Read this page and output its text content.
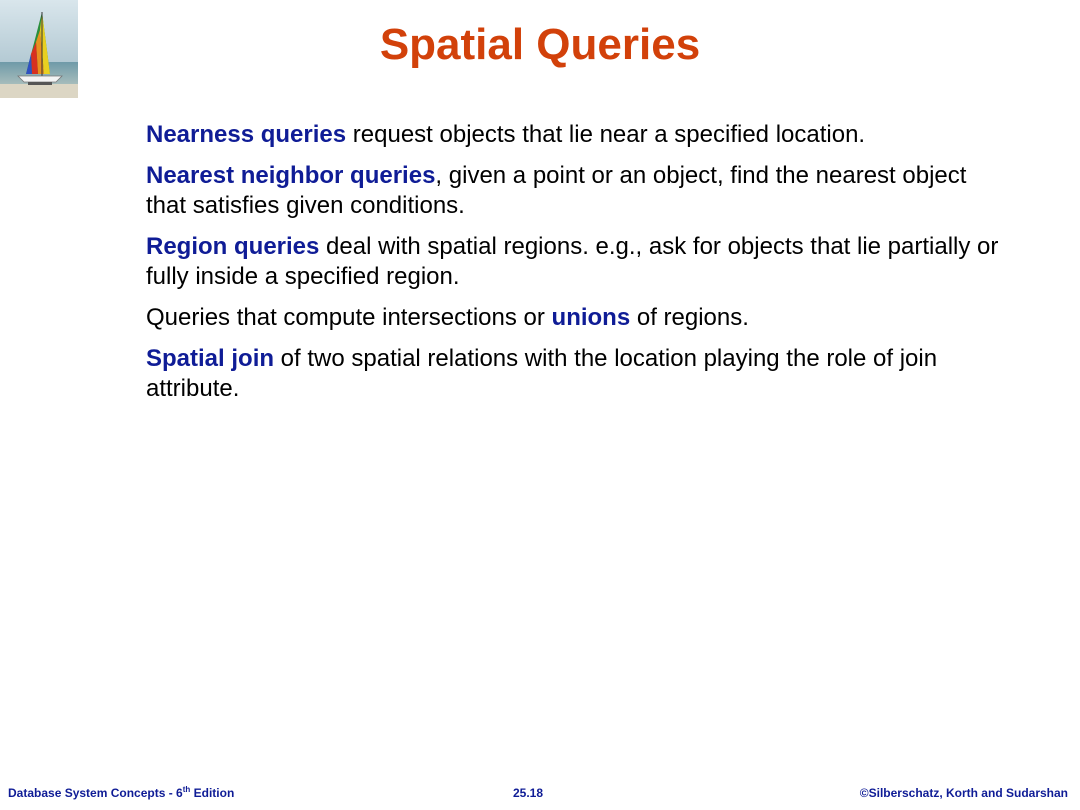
Spatial Queries
Nearness queries request objects that lie near a specified location.
Nearest neighbor queries, given a point or an object, find the nearest object that satisfies given conditions.
Region queries deal with spatial regions. e.g., ask for objects that lie partially or fully inside a specified region.
Queries that compute intersections or unions of regions.
Spatial join of two spatial relations with the location playing the role of join attribute.
Database System Concepts - 6th Edition	25.18	©Silberschatz, Korth and Sudarshan
